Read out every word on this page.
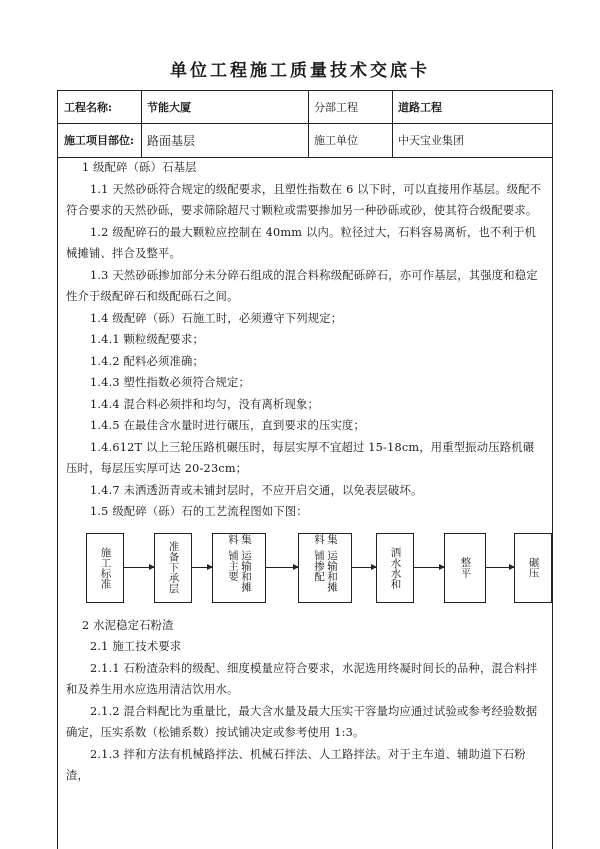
单位工程施工质量技术交底卡
工程名称:	节能大厦	分部工程	道路工程
施工项目部位:	路面基层	施工单位	中天宝业集团

1 级配碎（砾）石基层

1.1 天然砂砾符合规定的级配要求，且塑性指数在 6 以下时，可以直接用作基层。级配不符合要求的天然砂砾，要求筛除超尺寸颗粒或需要掺加另一种砂砾或砂，使其符合级配要求。

1.2 级配碎石的最大颗粒应控制在 40mm 以内。粒径过大，石料容易离析，也不利于机械摊铺、拌合及整平。

1.3 天然砂砾掺加部分未分碎石组成的混合料称级配砾碎石，亦可作基层，其强度和稳定性介于级配碎石和级配砾石之间。

1.4 级配碎（砾）石施工时，必须遵守下列规定；

1.4.1 颗粒级配要求；

1.4.2 配料必须准确；

1.4.3 塑性指数必须符合规定；

1.4.4 混合料必须拌和均匀，没有离析现象；

1.4.5 在最佳含水量时进行碾压，直到要求的压实度；

1.4.612T 以上三轮压路机碾压时，每层实厚不宜超过 15-18cm，用重型振动压路机碾压时，每层压实厚可达 20-23cm；

1.4.7 未洒透沥青或未铺封层时，不应开启交通，以免表层破坏。

1.5 级配碎（砾）石的工艺流程图如下图：

施工标准	准备下承层	运输和摊铺主要
集料
运输和摊铺掺配
集料
洒水水和	整平	碾压

2 水泥稳定石粉渣

2.1 施工技术要求

2.1.1 石粉渣杂料的级配、细度模量应符合要求，水泥选用终凝时间长的品种，混合料拌和及养生用水应选用清洁饮用水。

2.1.2 混合料配比为重量比，最大含水量及最大压实干容量均应通过试验或参考经验数据确定，压实系数（松铺系数）按试铺决定或参考使用 1:3。

2.1.3 拌和方法有机械路拌法、机械石拌法、人工路拌法。对于主车道、辅助道下石粉渣，
